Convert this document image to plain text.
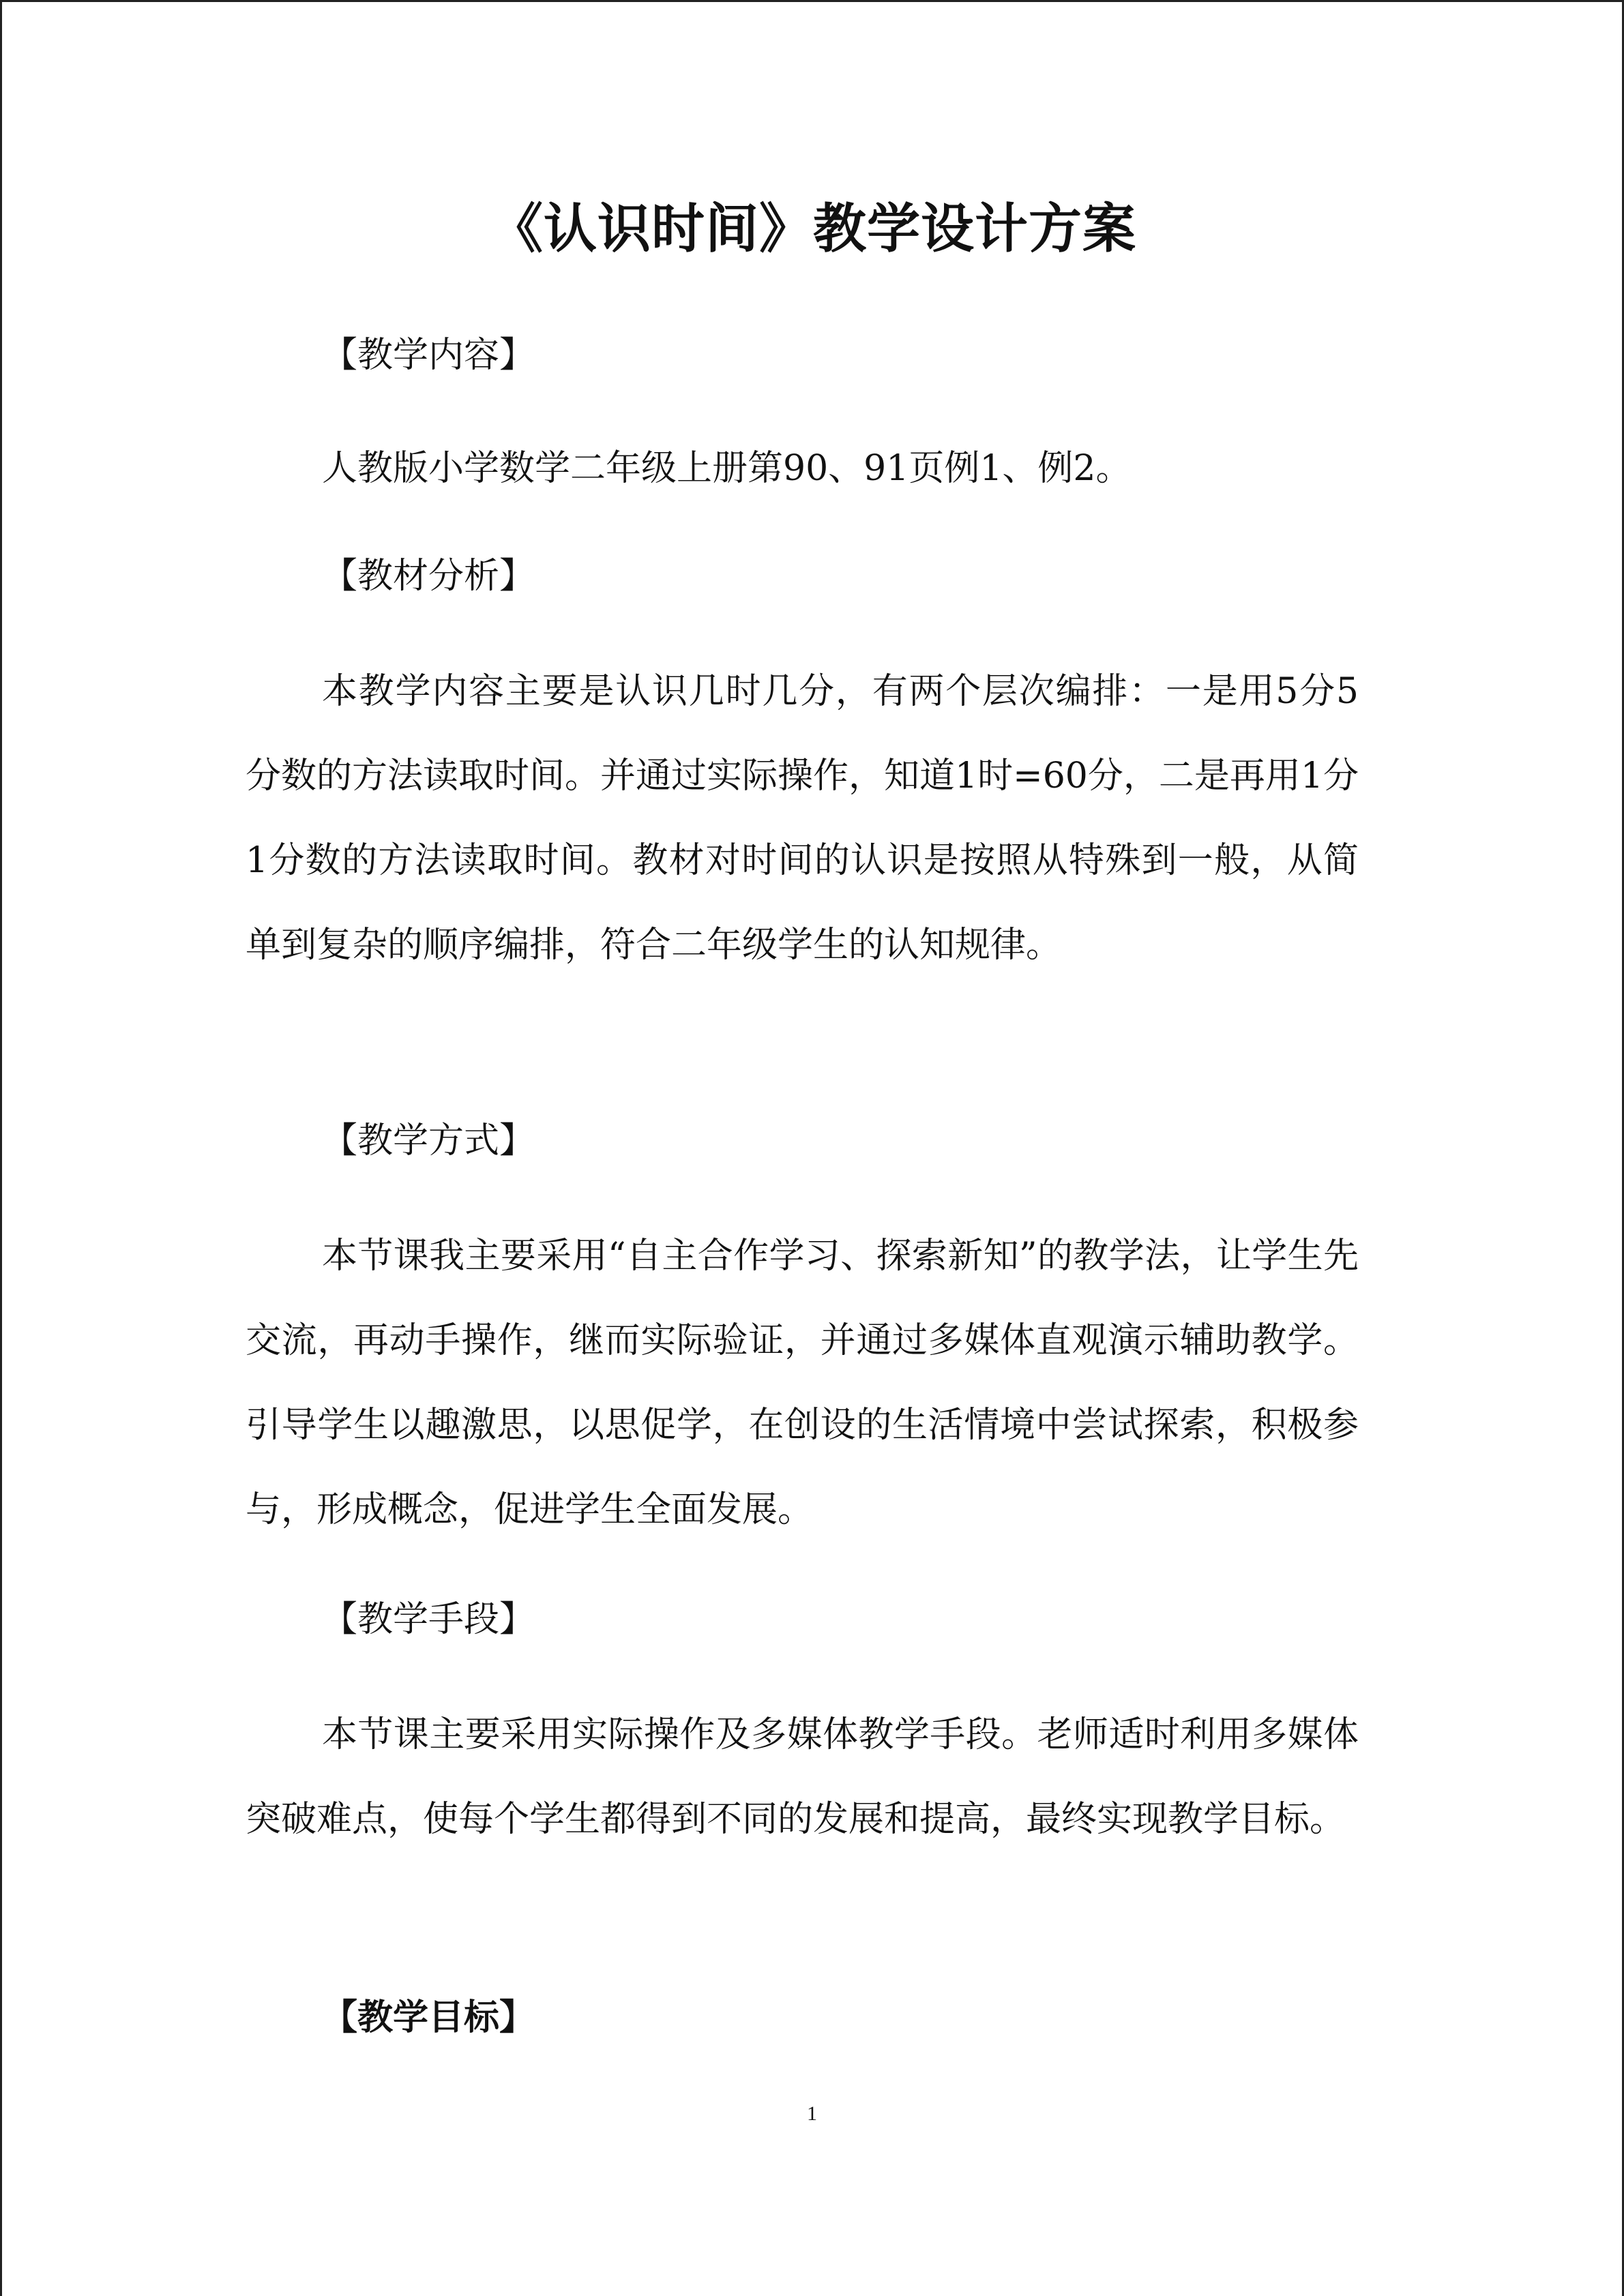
《认识时间》教学设计方案
【教学内容】
人教版小学数学二年级上册第90、91页例1、例2。
【教材分析】
本教学内容主要是认识几时几分，有两个层次编排：一是用5分5分数的方法读取时间。并通过实际操作，知道1时=60分，二是再用1分1分数的方法读取时间。教材对时间的认识是按照从特殊到一般，从简单到复杂的顺序编排，符合二年级学生的认知规律。
【教学方式】
本节课我主要采用“自主合作学习、探索新知”的教学法，让学生先交流，再动手操作，继而实际验证，并通过多媒体直观演示辅助教学。引导学生以趣激思，以思促学，在创设的生活情境中尝试探索，积极参与，形成概念，促进学生全面发展。
【教学手段】
本节课主要采用实际操作及多媒体教学手段。老师适时利用多媒体突破难点，使每个学生都得到不同的发展和提高，最终实现教学目标。
【教学目标】
1
